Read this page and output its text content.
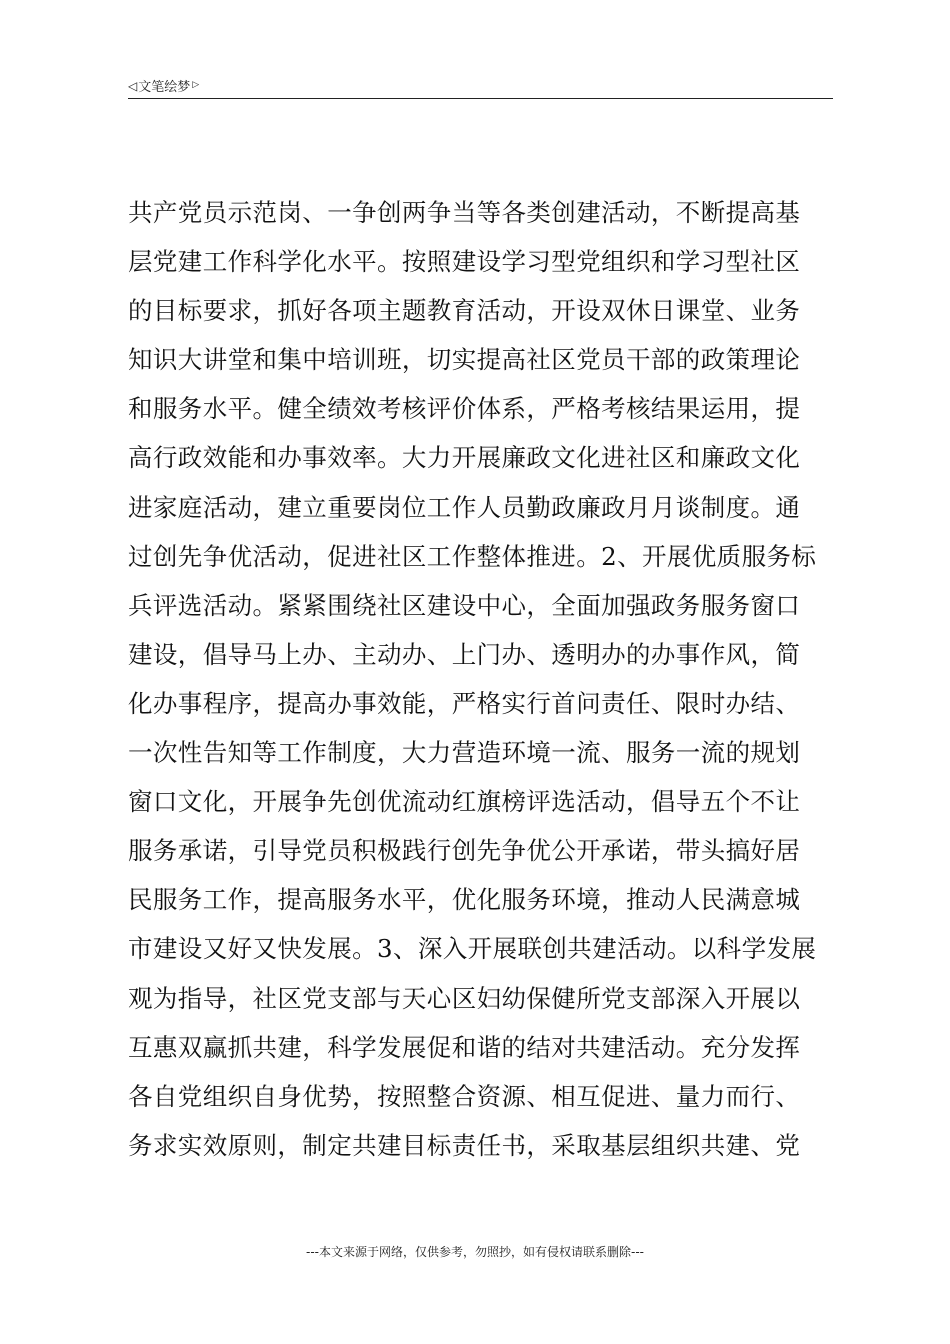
◁ 文笔绘梦 ▷
共产党员示范岗、一争创两争当等各类创建活动，不断提高基
层党建工作科学化水平。按照建设学习型党组织和学习型社区
的目标要求，抓好各项主题教育活动，开设双休日课堂、业务
知识大讲堂和集中培训班，切实提高社区党员干部的政策理论
和服务水平。健全绩效考核评价体系，严格考核结果运用，提
高行政效能和办事效率。大力开展廉政文化进社区和廉政文化
进家庭活动，建立重要岗位工作人员勤政廉政月月谈制度。通
过创先争优活动，促进社区工作整体推进。2、开展优质服务标
兵评选活动。紧紧围绕社区建设中心，全面加强政务服务窗口
建设，倡导马上办、主动办、上门办、透明办的办事作风，简
化办事程序，提高办事效能，严格实行首问责任、限时办结、
一次性告知等工作制度，大力营造环境一流、服务一流的规划
窗口文化，开展争先创优流动红旗榜评选活动，倡导五个不让
服务承诺，引导党员积极践行创先争优公开承诺，带头搞好居
民服务工作，提高服务水平，优化服务环境，推动人民满意城
市建设又好又快发展。3、深入开展联创共建活动。以科学发展
观为指导，社区党支部与天心区妇幼保健所党支部深入开展以
互惠双赢抓共建，科学发展促和谐的结对共建活动。充分发挥
各自党组织自身优势，按照整合资源、相互促进、量力而行、
务求实效原则，制定共建目标责任书，采取基层组织共建、党
---本文来源于网络，仅供参考，勿照抄，如有侵权请联系删除---
